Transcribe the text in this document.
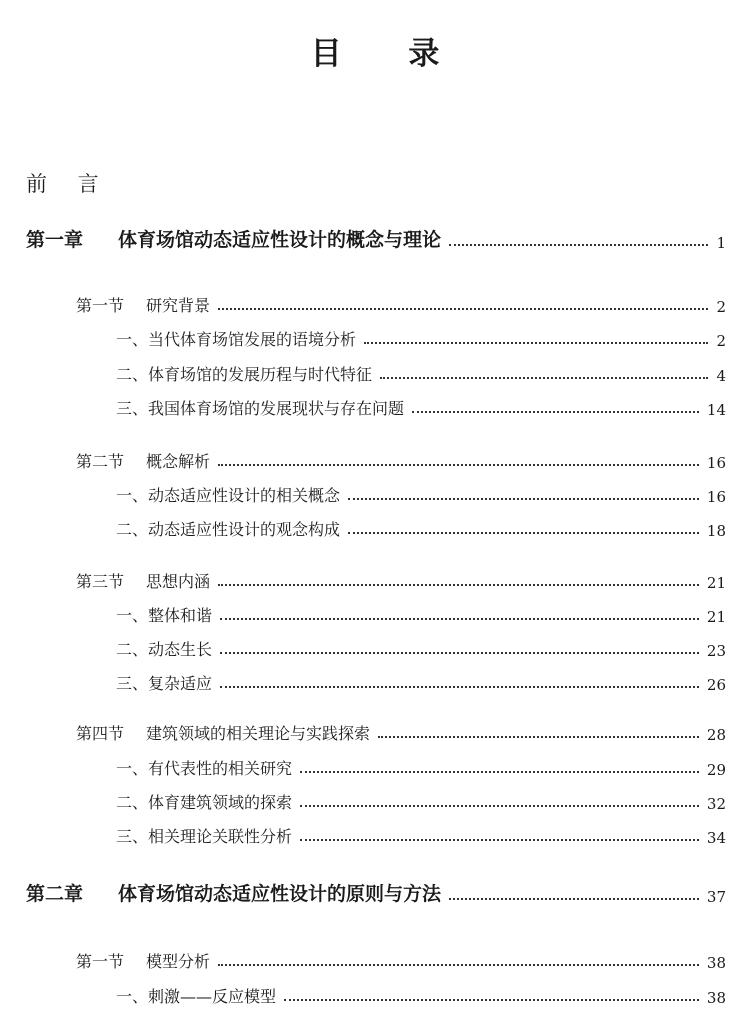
目 录
前 言
第一章 体育场馆动态适应性设计的概念与理论	1
第一节 研究背景	2
一、当代体育场馆发展的语境分析	2
二、体育场馆的发展历程与时代特征	4
三、我国体育场馆的发展现状与存在问题	14
第二节 概念解析	16
一、动态适应性设计的相关概念	16
二、动态适应性设计的观念构成	18
第三节 思想内涵	21
一、整体和谐	21
二、动态生长	23
三、复杂适应	26
第四节 建筑领域的相关理论与实践探索	28
一、有代表性的相关研究	29
二、体育建筑领域的探索	32
三、相关理论关联性分析	34
第二章 体育场馆动态适应性设计的原则与方法	37
第一节 模型分析	38
一、刺激——反应模型	38
